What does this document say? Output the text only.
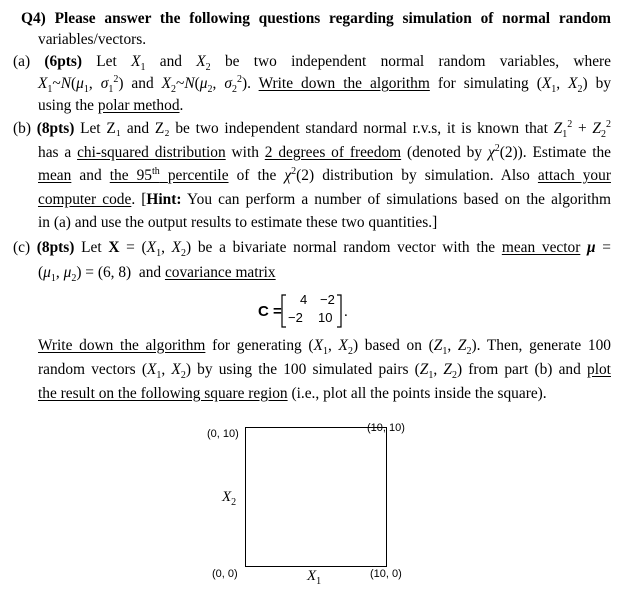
Q4) Please answer the following questions regarding simulation of normal random
variables/vectors.
(a) (6pts) Let $X_1$ and $X_2$ be two independent normal random variables, where
$X_1\sim N(\mu_1$, $\sigma_1^2$) and $X_2\sim N(\mu_2$, $\sigma_2^2$). Write down the algorithm for simulating ($X_1$, $X_2$) by
using the polar method.
(b) (8pts) Let Z₁ and Z₂ be two independent standard normal r.v.s, it is known that $Z_1^2 + Z_2^2$
has a chi-squared distribution with 2 degrees of freedom (denoted by $\chi^2(2)$). Estimate the
mean and the 95th percentile of the $\chi^2(2)$ distribution by simulation. Also attach your
computer code. [Hint: You can perform a number of simulations based on the algorithm
in (a) and use the output results to estimate these two quantities.]
(c) (8pts) Let $X = (X_1$, $X_2$) be a bivariate normal random vector with the mean vector μ =
($\mu_1$, $\mu_2) = (6$, 8)  and covariance matrix
C =
4 −2
−2 10 .
Write down the algorithm for generating ($X_1$, $X_2$) based on ($Z_1$, $Z_2$). Then, generate 100
random vectors ($X_1$, $X_2$) by using the 100 simulated pairs ($Z_1$, $Z_2$) from part (b) and plot
the result on the following square region (i.e., plot all the points inside the square).
(0, 10)	(10, 10)
(0, 0)	(10, 0)
$X_2$
$X_1$
